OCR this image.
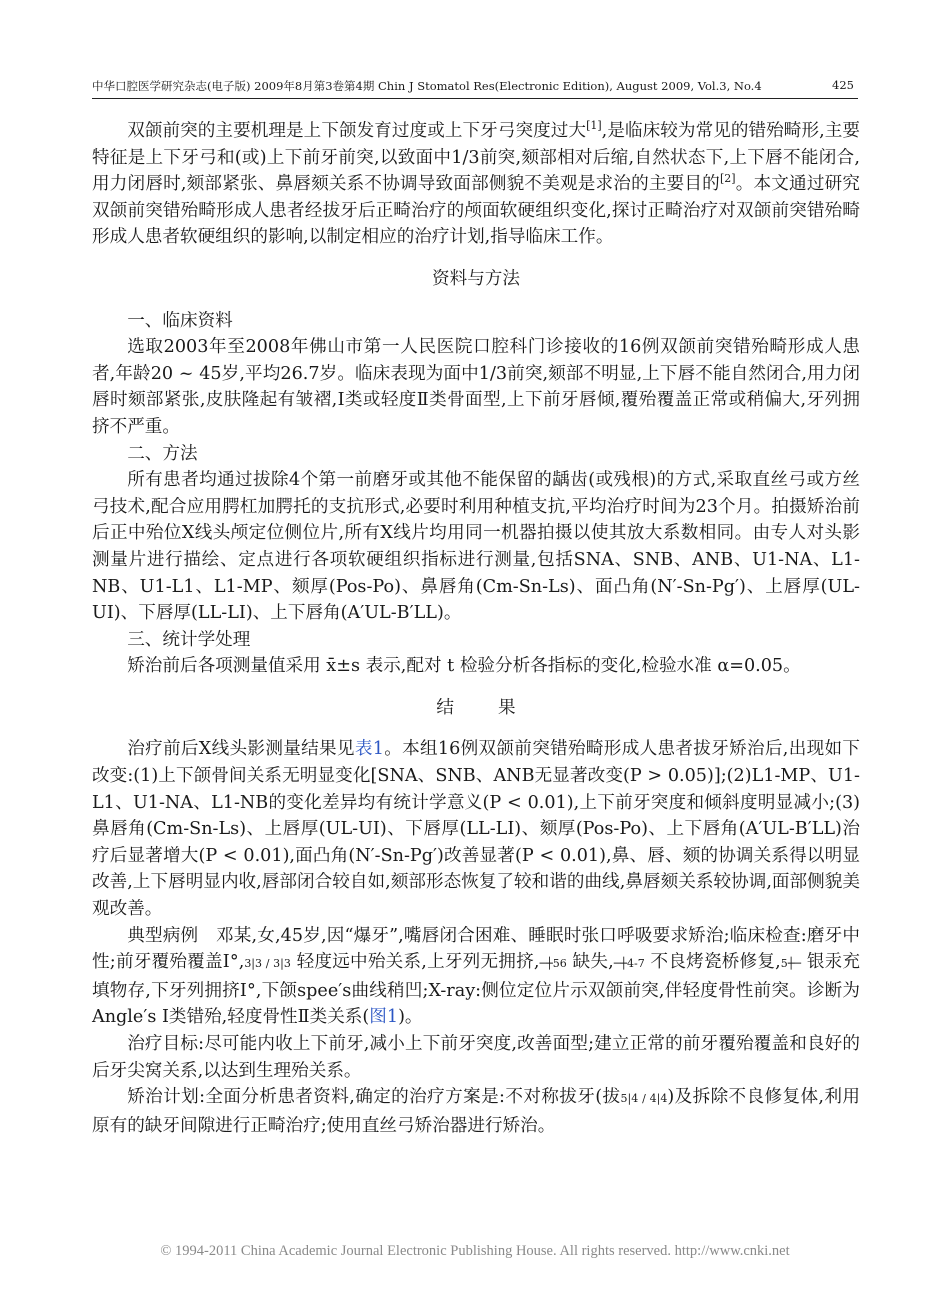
中华口腔医学研究杂志(电子版) 2009年8月第3卷第4期 Chin J Stomatol Res(Electronic Edition), August 2009, Vol.3, No.4	425

双颌前突的主要机理是上下颌发育过度或上下牙弓突度过大[1],是临床较为常见的错殆畸形,主要特征是上下牙弓和(或)上下前牙前突,以致面中1/3前突,颏部相对后缩,自然状态下,上下唇不能闭合,用力闭唇时,颏部紧张、鼻唇颏关系不协调导致面部侧貌不美观是求治的主要目的[2]。本文通过研究双颌前突错殆畸形成人患者经拔牙后正畸治疗的颅面软硬组织变化,探讨正畸治疗对双颌前突错殆畸形成人患者软硬组织的影响,以制定相应的治疗计划,指导临床工作。

资料与方法

一、临床资料

选取2003年至2008年佛山市第一人民医院口腔科门诊接收的16例双颌前突错殆畸形成人患者,年龄20 ~ 45岁,平均26.7岁。临床表现为面中1/3前突,颏部不明显,上下唇不能自然闭合,用力闭唇时颏部紧张,皮肤隆起有皱褶,Ⅰ类或轻度Ⅱ类骨面型,上下前牙唇倾,覆殆覆盖正常或稍偏大,牙列拥挤不严重。

二、方法

所有患者均通过拔除4个第一前磨牙或其他不能保留的龋齿(或残根)的方式,采取直丝弓或方丝弓技术,配合应用腭杠加腭托的支抗形式,必要时利用种植支抗,平均治疗时间为23个月。拍摄矫治前后正中殆位X线头颅定位侧位片,所有X线片均用同一机器拍摄以使其放大系数相同。由专人对头影测量片进行描绘、定点进行各项软硬组织指标进行测量,包括SNA、SNB、ANB、U1-NA、L1-NB、U1-L1、L1-MP、颏厚(Pos-Po)、鼻唇角(Cm-Sn-Ls)、面凸角(N′-Sn-Pg′)、上唇厚(UL-UI)、下唇厚(LL-LI)、上下唇角(A′UL-B′LL)。

三、统计学处理

矫治前后各项测量值采用 x̄±s 表示,配对 t 检验分析各指标的变化,检验水准 α=0.05。

结果

治疗前后X线头影测量结果见表1。本组16例双颌前突错殆畸形成人患者拔牙矫治后,出现如下改变:(1)上下颌骨间关系无明显变化[SNA、SNB、ANB无显著改变(P > 0.05)];(2)L1-MP、U1-L1、U1-NA、L1-NB的变化差异均有统计学意义(P < 0.01),上下前牙突度和倾斜度明显减小;(3)鼻唇角(Cm-Sn-Ls)、上唇厚(UL-UI)、下唇厚(LL-LI)、颏厚(Pos-Po)、上下唇角(A′UL-B′LL)治疗后显著增大(P < 0.01),面凸角(N′-Sn-Pg′)改善显著(P < 0.01),鼻、唇、颏的协调关系得以明显改善,上下唇明显内收,唇部闭合较自如,颏部形态恢复了较和谐的曲线,鼻唇颏关系较协调,面部侧貌美观改善。

典型病例　邓某,女,45岁,因“爆牙”,嘴唇闭合困难、睡眠时张口呼吸要求矫治;临床检查:磨牙中性;前牙覆殆覆盖Ⅰ°,3|3 / 3|3 轻度远中殆关系,上牙列无拥挤,─┼56 缺失,─┼4-7 不良烤瓷桥修复,5┼─ 银汞充填物存,下牙列拥挤Ⅰ°,下颌spee′s曲线稍凹;X-ray:侧位定位片示双颌前突,伴轻度骨性前突。诊断为Angle′s Ⅰ类错殆,轻度骨性Ⅱ类关系(图1)。

治疗目标:尽可能内收上下前牙,减小上下前牙突度,改善面型;建立正常的前牙覆殆覆盖和良好的后牙尖窝关系,以达到生理殆关系。

矫治计划:全面分析患者资料,确定的治疗方案是:不对称拔牙(拔5|4 / 4|4)及拆除不良修复体,利用原有的缺牙间隙进行正畸治疗;使用直丝弓矫治器进行矫治。

© 1994-2011 China Academic Journal Electronic Publishing House. All rights reserved. http://www.cnki.net
